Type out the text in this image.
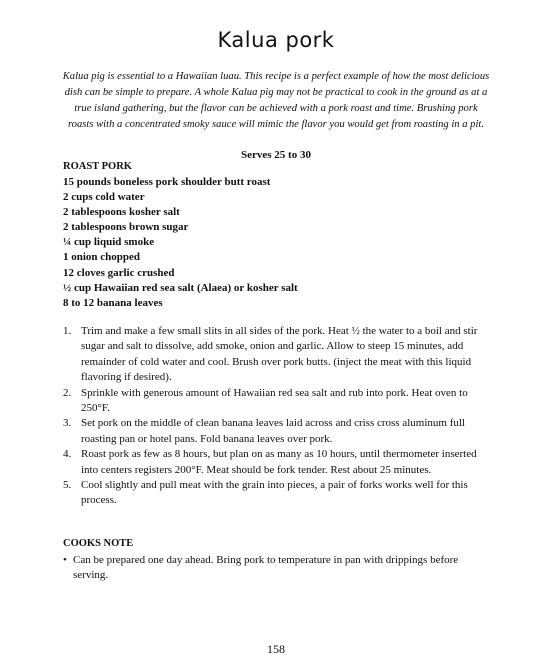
Kalua pork

Kalua pig is essential to a Hawaiian luau. This recipe is a perfect example of how the most delicious dish can be simple to prepare. A whole Kalua pig may not be practical to cook in the ground as at a true island gathering, but the flavor can be achieved with a pork roast and time. Brushing pork roasts with a concentrated smoky sauce will mimic the flavor you would get from roasting in a pit.

Serves 25 to 30

ROAST PORK
15 pounds boneless pork shoulder butt roast
2 cups cold water
2 tablespoons kosher salt
2 tablespoons brown sugar
¼ cup liquid smoke
1 onion chopped
12 cloves garlic crushed
½ cup Hawaiian red sea salt (Alaea) or kosher salt
8 to 12 banana leaves
1. Trim and make a few small slits in all sides of the pork. Heat ½ the water to a boil and stir sugar and salt to dissolve, add smoke, onion and garlic. Allow to steep 15 minutes, add remainder of cold water and cool. Brush over pork butts. (inject the meat with this liquid flavoring if desired).
2. Sprinkle with generous amount of Hawaiian red sea salt and rub into pork. Heat oven to 250°F.
3. Set pork on the middle of clean banana leaves laid across and criss cross aluminum full roasting pan or hotel pans. Fold banana leaves over pork.
4. Roast pork as few as 8 hours, but plan on as many as 10 hours, until thermometer inserted into centers registers 200°F. Meat should be fork tender. Rest about 25 minutes.
5. Cool slightly and pull meat with the grain into pieces, a pair of forks works well for this process.
COOKS NOTE
• Can be prepared one day ahead. Bring pork to temperature in pan with drippings before serving.

158
